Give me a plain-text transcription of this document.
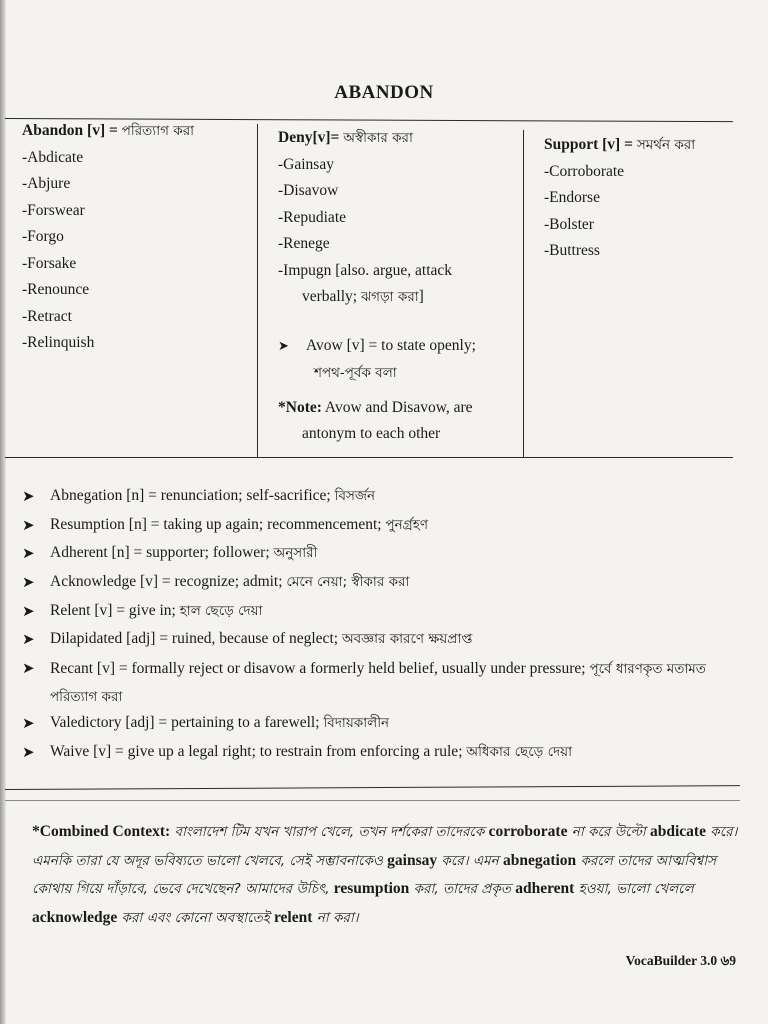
ABANDON
Abandon [v] = পরিত্যাগ করা
-Abdicate
-Abjure
-Forswear
-Forgo
-Forsake
-Renounce
-Retract
-Relinquish
Deny[v]= অস্বীকার করা
-Gainsay
-Disavow
-Repudiate
-Renege
-Impugn [also. argue, attack
verbally; ঝগড়া করা]
➤ Avow [v] = to state openly;
শপথ-পূর্বক বলা
*Note: Avow and Disavow, are
antonym to each other
Support [v] = সমর্থন করা
-Corroborate
-Endorse
-Bolster
-Buttress
➤ Abnegation [n] = renunciation; self-sacrifice; বিসর্জন
➤ Resumption [n] = taking up again; recommencement; পুনর্গ্রহণ
➤ Adherent [n] = supporter; follower; অনুসারী
➤ Acknowledge [v] = recognize; admit; মেনে নেয়া; স্বীকার করা
➤ Relent [v] = give in; হাল ছেড়ে দেয়া
➤ Dilapidated [adj] = ruined, because of neglect; অবজ্ঞার কারণে ক্ষয়প্রাপ্ত
➤ Recant [v] = formally reject or disavow a formerly held belief, usually under pressure; পূর্বে ধারণকৃত মতামত পরিত্যাগ করা
➤ Valedictory [adj] = pertaining to a farewell; বিদায়কালীন
➤ Waive [v] = give up a legal right; to restrain from enforcing a rule; অধিকার ছেড়ে দেয়া
*Combined Context: বাংলাদেশ টিম যখন খারাপ খেলে, তখন দর্শকেরা তাদেরকে corroborate না করে উল্টো abdicate করে। এমনকি তারা যে অদূর ভবিষ্যতে ভালো খেলবে, সেই সম্ভাবনাকেও gainsay করে। এমন abnegation করলে তাদের আত্মবিশ্বাস কোথায় গিয়ে দাঁড়াবে, ভেবে দেখেছেন? আমাদের উচিৎ, resumption করা, তাদের প্রকৃত adherent হওয়া, ভালো খেললে acknowledge করা এবং কোনো অবস্থাতেই relent না করা।
VocaBuilder 3.0 ৬9
